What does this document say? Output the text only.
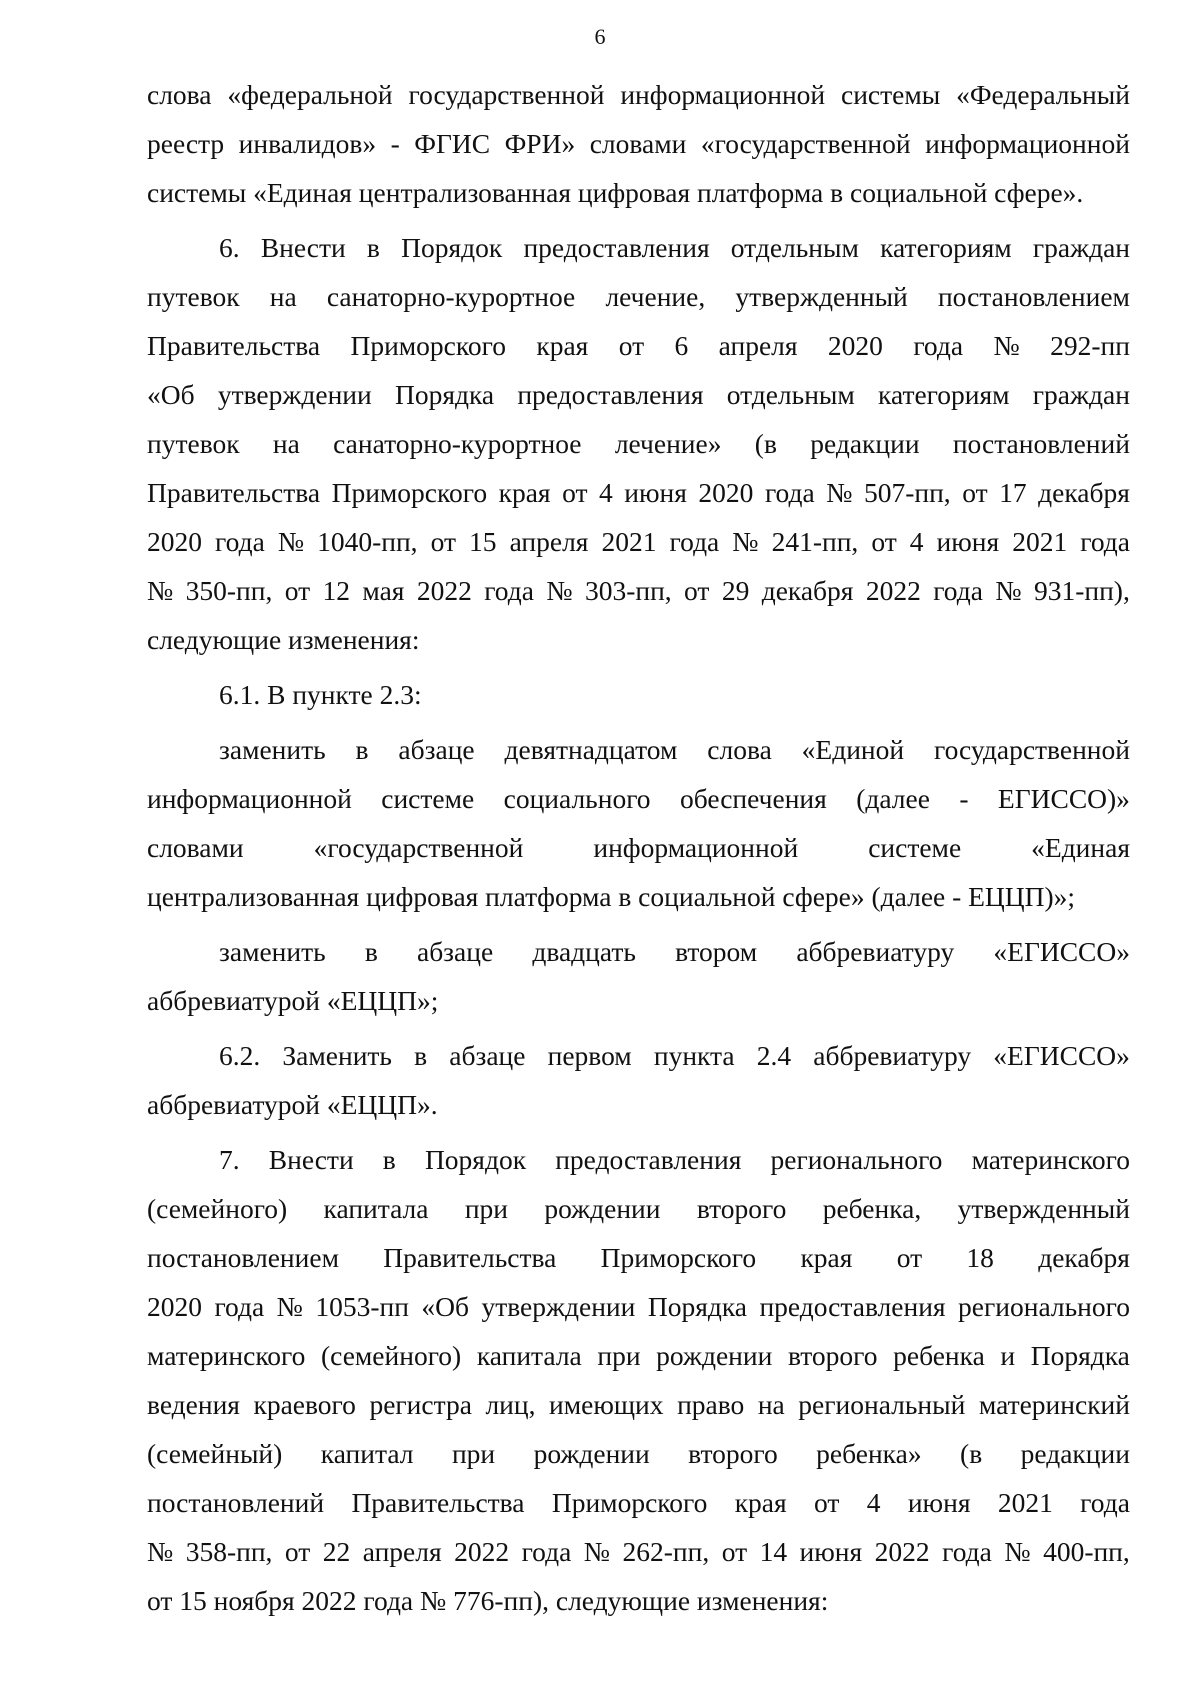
6
слова «федеральной государственной информационной системы «Федеральный
реестр инвалидов» - ФГИС ФРИ» словами «государственной информационной
системы «Единая централизованная цифровая платформа в социальной сфере».
6. Внести в Порядок предоставления отдельным категориям граждан
путевок на санаторно-курортное лечение, утвержденный постановлением
Правительства Приморского края от 6 апреля 2020 года № 292-пп
«Об утверждении Порядка предоставления отдельным категориям граждан
путевок на санаторно-курортное лечение» (в редакции постановлений
Правительства Приморского края от 4 июня 2020 года № 507-пп, от 17 декабря
2020 года № 1040-пп, от 15 апреля 2021 года № 241-пп, от 4 июня 2021 года
№ 350-пп, от 12 мая 2022 года № 303-пп, от 29 декабря 2022 года № 931-пп),
следующие изменения:
6.1. В пункте 2.3:
заменить в абзаце девятнадцатом слова «Единой государственной
информационной системе социального обеспечения (далее - ЕГИССО)»
словами	«государственной	информационной	системе	«Единая
централизованная цифровая платформа в социальной сфере» (далее - ЕЦЦП)»;
заменить в абзаце двадцать втором аббревиатуру «ЕГИССО»
аббревиатурой «ЕЦЦП»;
6.2. Заменить в абзаце первом пункта 2.4 аббревиатуру «ЕГИССО»
аббревиатурой «ЕЦЦП».
7. Внести в Порядок предоставления регионального материнского
(семейного) капитала при рождении второго ребенка, утвержденный
постановлением Правительства Приморского края от 18 декабря
2020 года № 1053-пп «Об утверждении Порядка предоставления регионального
материнского (семейного) капитала при рождении второго ребенка и Порядка
ведения краевого регистра лиц, имеющих право на региональный материнский
(семейный) капитал при рождении второго ребенка» (в редакции
постановлений Правительства Приморского края от 4 июня 2021 года
№ 358-пп, от 22 апреля 2022 года № 262-пп, от 14 июня 2022 года № 400-пп,
от 15 ноября 2022 года № 776-пп), следующие изменения:
